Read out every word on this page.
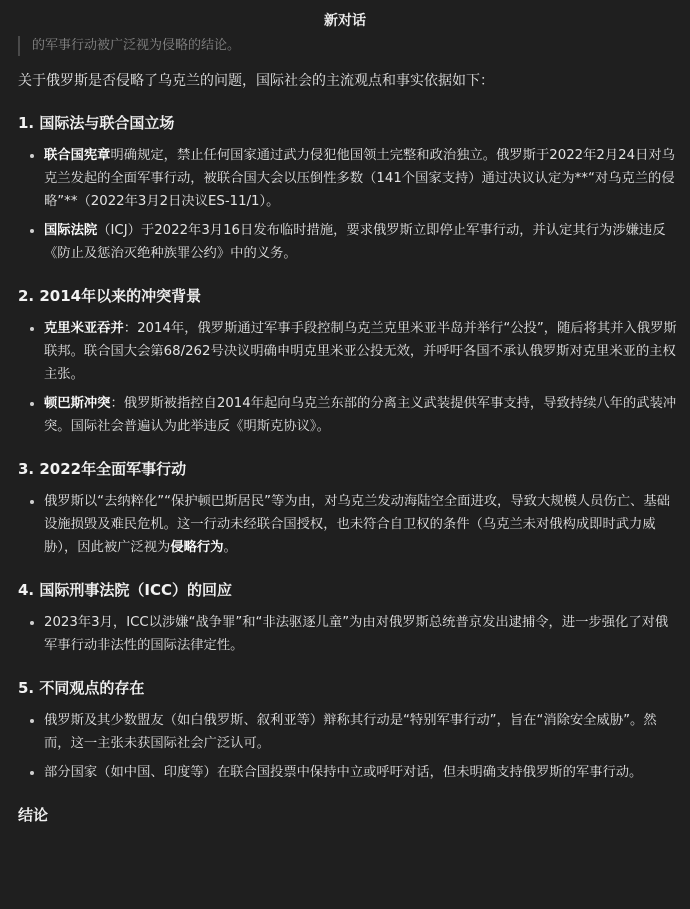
新对话
的军事行动被广泛视为侵略的结论。
关于俄罗斯是否侵略了乌克兰的问题，国际社会的主流观点和事实依据如下：
1. 国际法与联合国立场
联合国宪章明确规定，禁止任何国家通过武力侵犯他国领土完整和政治独立。俄罗斯于2022年2月24日对乌克兰发起的全面军事行动，被联合国大会以压倒性多数（141个国家支持）通过决议认定为**“对乌克兰的侵略”**（2022年3月2日决议ES-11/1）。
国际法院（ICJ）于2022年3月16日发布临时措施，要求俄罗斯立即停止军事行动，并认定其行为涉嫌违反《防止及惩治灭绝种族罪公约》中的义务。
2. 2014年以来的冲突背景
克里米亚吞并：2014年，俄罗斯通过军事手段控制乌克兰克里米亚半岛并举行“公投”，随后将其并入俄罗斯联邦。联合国大会第68/262号决议明确申明克里米亚公投无效，并呼吁各国不承认俄罗斯对克里米亚的主权主张。
顿巴斯冲突：俄罗斯被指控自2014年起向乌克兰东部的分离主义武装提供军事支持，导致持续八年的武装冲突。国际社会普遍认为此举违反《明斯克协议》。
3. 2022年全面军事行动
俄罗斯以“去纳粹化”“保护顿巴斯居民”等为由，对乌克兰发动海陆空全面进攻，导致大规模人员伤亡、基础设施损毁及难民危机。这一行动未经联合国授权，也未符合自卫权的条件（乌克兰未对俄构成即时武力威胁），因此被广泛视为侵略行为。
4. 国际刑事法院（ICC）的回应
2023年3月，ICC以涉嫌“战争罪”和“非法驱逐儿童”为由对俄罗斯总统普京发出逮捕令，进一步强化了对俄军事行动非法性的国际法律定性。
5. 不同观点的存在
俄罗斯及其少数盟友（如白俄罗斯、叙利亚等）辩称其行动是“特别军事行动”，旨在“消除安全威胁”。然而，这一主张未获国际社会广泛认可。
部分国家（如中国、印度等）在联合国投票中保持中立或呼吁对话，但未明确支持俄罗斯的军事行动。
结论
